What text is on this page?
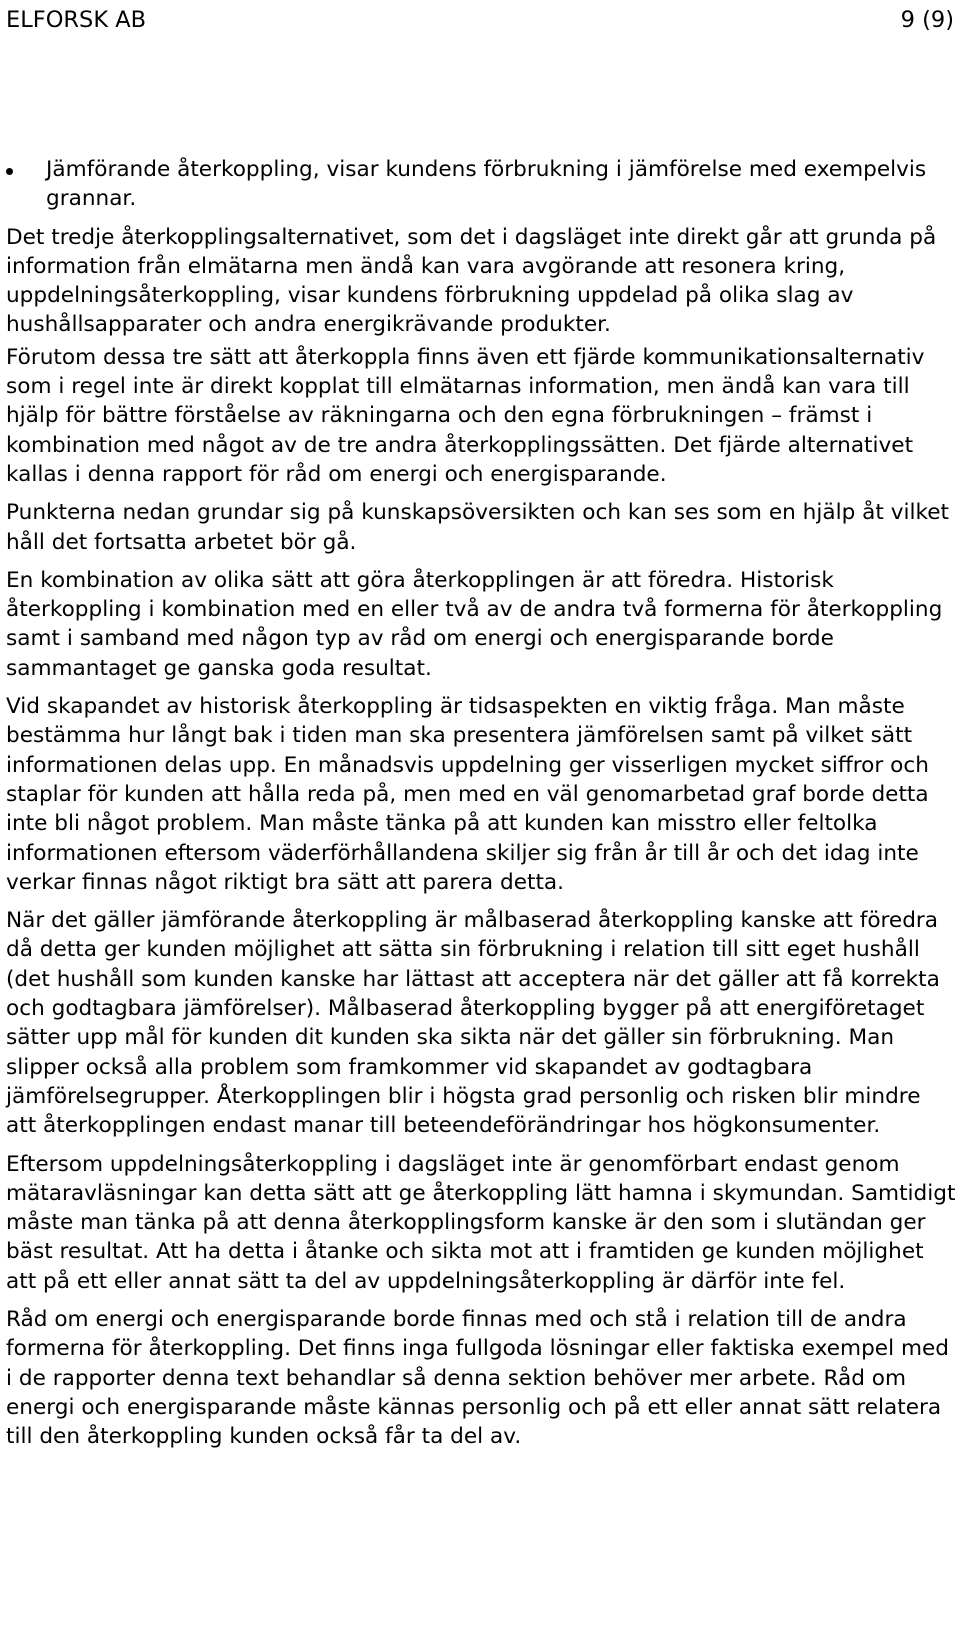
ELFORSK AB	9 (9)
Jämförande återkoppling, visar kundens förbrukning i jämförelse med exempelvis grannar.

Det tredje återkopplingsalternativet, som det i dagsläget inte direkt går att grunda på information från elmätarna men ändå kan vara avgörande att resonera kring, uppdelningsåterkoppling, visar kundens förbrukning uppdelad på olika slag av hushållsapparater och andra energikrävande produkter.

Förutom dessa tre sätt att återkoppla finns även ett fjärde kommunikationsalternativ som i regel inte är direkt kopplat till elmätarnas information, men ändå kan vara till hjälp för bättre förståelse av räkningarna och den egna förbrukningen – främst i kombination med något av de tre andra återkopplingssätten. Det fjärde alternativet kallas i denna rapport för råd om energi och energisparande.

Punkterna nedan grundar sig på kunskapsöversikten och kan ses som en hjälp åt vilket håll det fortsatta arbetet bör gå.

En kombination av olika sätt att göra återkopplingen är att föredra. Historisk återkoppling i kombination med en eller två av de andra två formerna för återkoppling samt i samband med någon typ av råd om energi och energisparande borde sammantaget ge ganska goda resultat.

Vid skapandet av historisk återkoppling är tidsaspekten en viktig fråga. Man måste bestämma hur långt bak i tiden man ska presentera jämförelsen samt på vilket sätt informationen delas upp. En månadsvis uppdelning ger visserligen mycket siffror och staplar för kunden att hålla reda på, men med en väl genomarbetad graf borde detta inte bli något problem. Man måste tänka på att kunden kan misstro eller feltolka informationen eftersom väderförhållandena skiljer sig från år till år och det idag inte verkar finnas något riktigt bra sätt att parera detta.

När det gäller jämförande återkoppling är målbaserad återkoppling kanske att föredra då detta ger kunden möjlighet att sätta sin förbrukning i relation till sitt eget hushåll (det hushåll som kunden kanske har lättast att acceptera när det gäller att få korrekta och godtagbara jämförelser). Målbaserad återkoppling bygger på att energiföretaget sätter upp mål för kunden dit kunden ska sikta när det gäller sin förbrukning. Man slipper också alla problem som framkommer vid skapandet av godtagbara jämförelsegrupper. Återkopplingen blir i högsta grad personlig och risken blir mindre att återkopplingen endast manar till beteendeförändringar hos högkonsumenter.

Eftersom uppdelningsåterkoppling i dagsläget inte är genomförbart endast genom mätaravläsningar kan detta sätt att ge återkoppling lätt hamna i skymundan. Samtidigt måste man tänka på att denna återkopplingsform kanske är den som i slutändan ger bäst resultat. Att ha detta i åtanke och sikta mot att i framtiden ge kunden möjlighet att på ett eller annat sätt ta del av uppdelningsåterkoppling är därför inte fel.

Råd om energi och energisparande borde finnas med och stå i relation till de andra formerna för återkoppling. Det finns inga fullgoda lösningar eller faktiska exempel med i de rapporter denna text behandlar så denna sektion behöver mer arbete. Råd om energi och energisparande måste kännas personlig och på ett eller annat sätt relatera till den återkoppling kunden också får ta del av.
